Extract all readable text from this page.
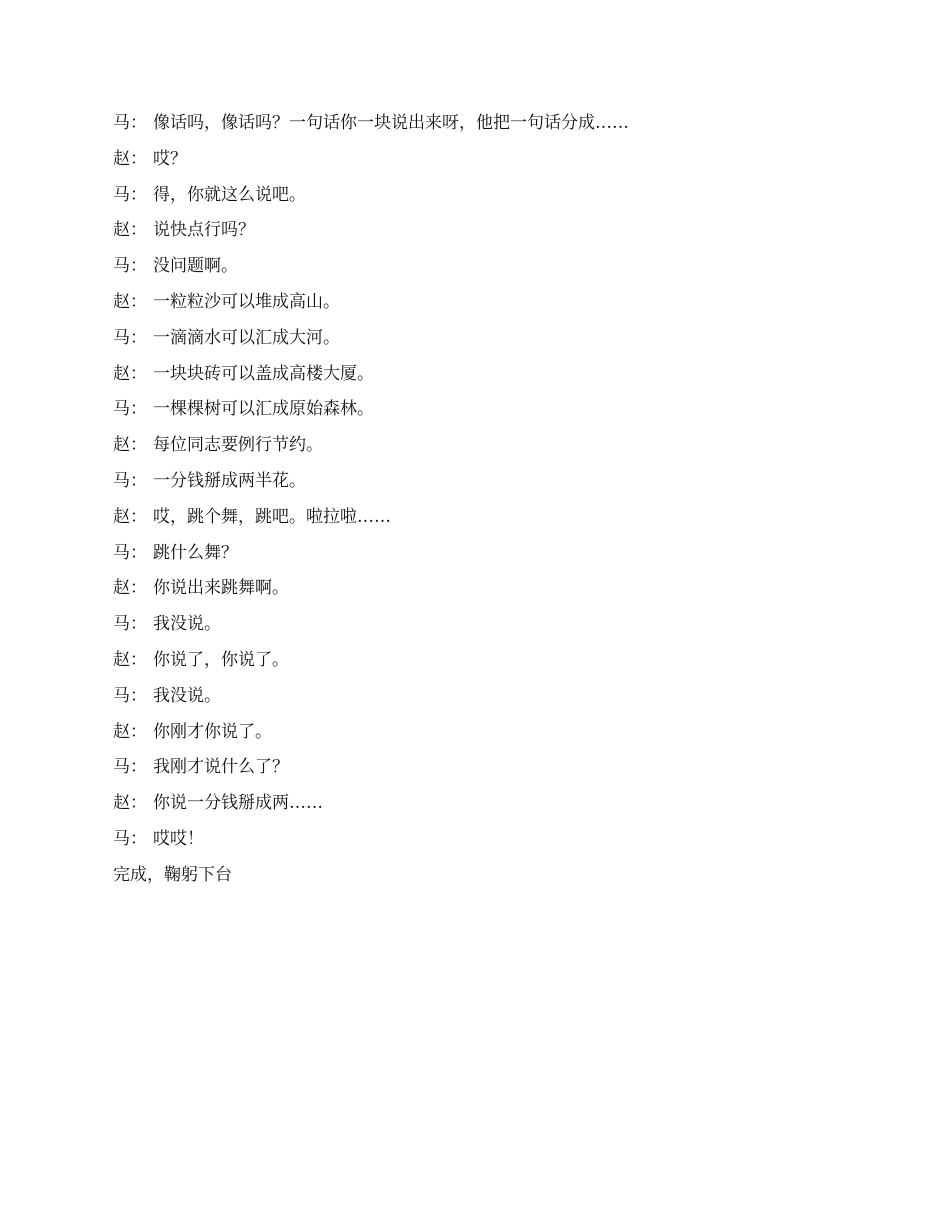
马： 像话吗，像话吗？一句话你一块说出来呀，他把一句话分成……
赵： 哎？
马： 得，你就这么说吧。
赵： 说快点行吗？
马： 没问题啊。
赵： 一粒粒沙可以堆成高山。
马： 一滴滴水可以汇成大河。
赵： 一块块砖可以盖成高楼大厦。
马： 一棵棵树可以汇成原始森林。
赵： 每位同志要例行节约。
马： 一分钱掰成两半花。
赵： 哎，跳个舞，跳吧。啦拉啦……
马： 跳什么舞？
赵： 你说出来跳舞啊。
马： 我没说。
赵： 你说了，你说了。
马： 我没说。
赵： 你刚才你说了。
马： 我刚才说什么了？
赵： 你说一分钱掰成两……
马： 哎哎！
完成，鞠躬下台
